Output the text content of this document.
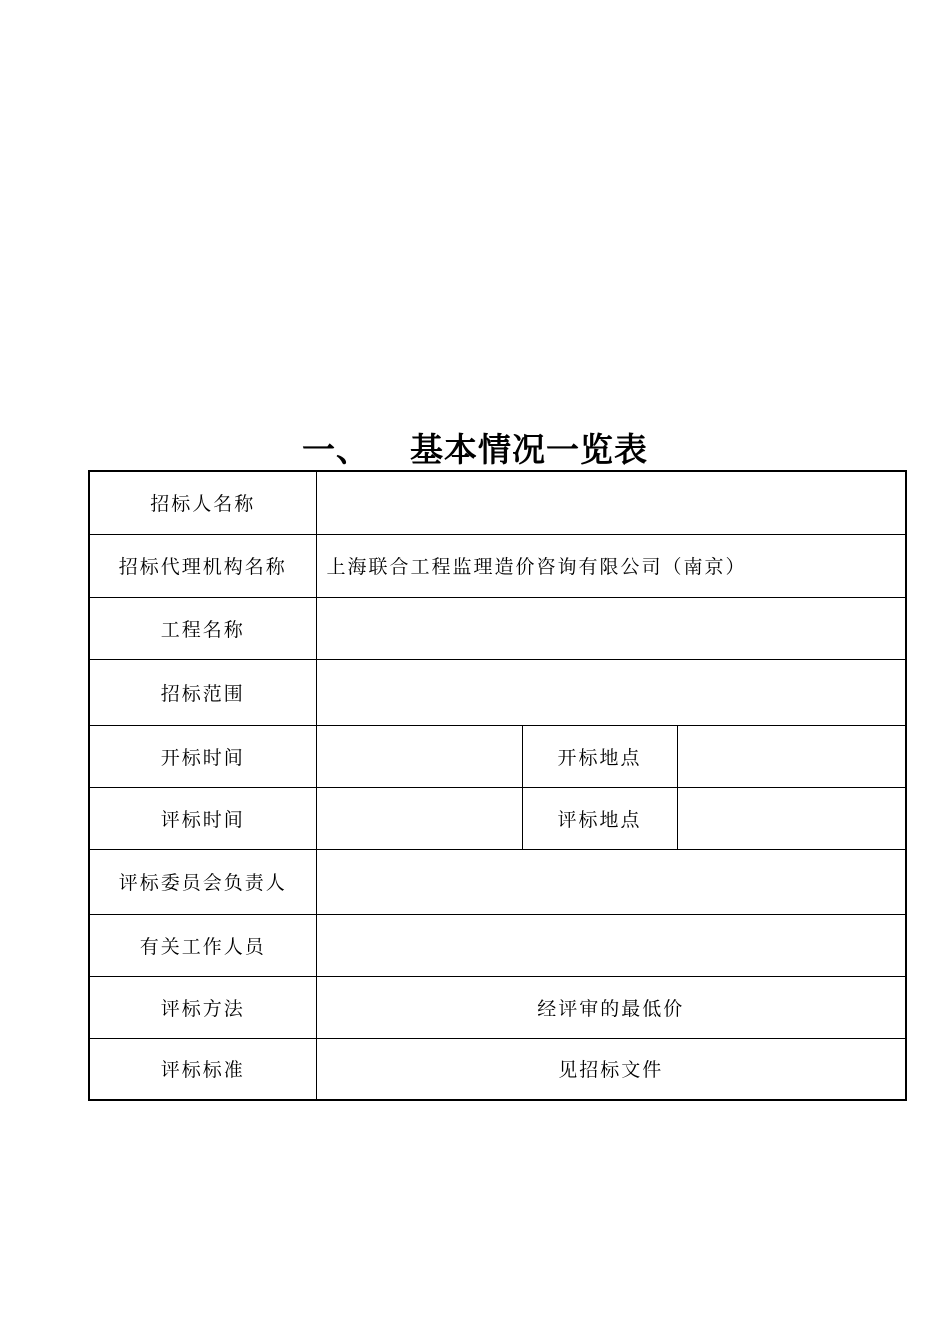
一、 基本情况一览表
招标人名称			
招标代理机构名称	上海联合工程监理造价咨询有限公司（南京）		
工程名称			
招标范围			
开标时间		开标地点	
评标时间		评标地点	
评标委员会负责人			
有关工作人员			
评标方法	经评审的最低价		
评标标准	见招标文件		
